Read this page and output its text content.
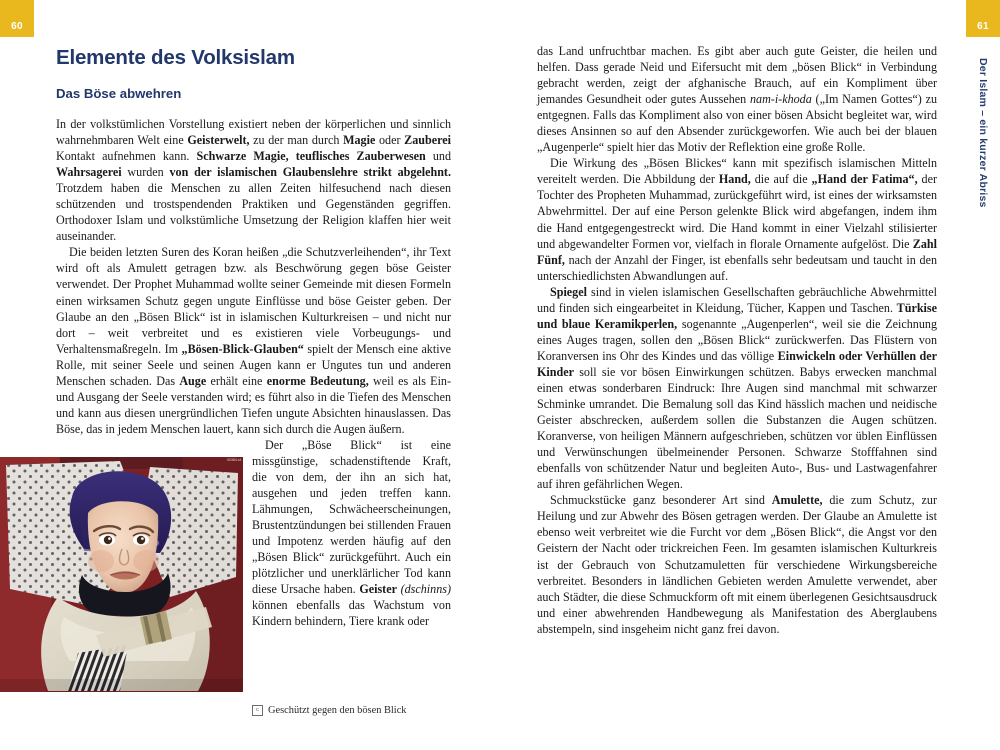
60	61
Der Islam – ein kurzer Abriss
Elemente des Volksislam
Das Böse abwehren

In der volkstümlichen Vorstellung existiert neben der körperlichen und sinnlich wahrnehmbaren Welt eine Geisterwelt, zu der man durch Magie oder Zauberei Kontakt aufnehmen kann. Schwarze Magie, teuflisches Zauberwesen und Wahrsagerei wurden von der islamischen Glaubenslehre strikt abgelehnt. Trotzdem haben die Menschen zu allen Zeiten hilfesuchend nach diesen schützenden und trostspendenden Praktiken und Gegenständen gegriffen. Orthodoxer Islam und volkstümliche Umsetzung der Religion klaffen hier weit auseinander.

Die beiden letzten Suren des Koran heißen „die Schutzverleihenden“, ihr Text wird oft als Amulett getragen bzw. als Beschwörung gegen böse Geister verwendet. Der Prophet Muhammad wollte seiner Gemeinde mit diesen Formeln einen wirksamen Schutz gegen ungute Einflüsse und böse Geister geben. Der Glaube an den „Bösen Blick“ ist in islamischen Kulturkreisen – und nicht nur dort – weit verbreitet und es existieren viele Vorbeugungs- und Verhaltensmaßregeln. Im „Bösen-Blick-Glauben“ spielt der Mensch eine aktive Rolle, mit seiner Seele und seinen Augen kann er Ungutes tun und anderen Menschen schaden. Das Auge erhält eine enorme Bedeutung, weil es als Ein- und Ausgang der Seele verstanden wird; es führt also in die Tiefen des Menschen und kann aus diesen unergründlichen Tiefen ungute Absichten hinauslassen. Das Böse, das in jedem Menschen lauert, kann sich durch die Augen äußern.

Der „Böse Blick“ ist eine missgünstige, schadenstiftende Kraft, die von dem, der ihn an sich hat, ausgehen und jeden treffen kann. Lähmungen, Schwächeerscheinungen, Brustentzündungen bei stillenden Frauen und Impotenz werden häufig auf den „Bösen Blick“ zurückgeführt. Auch ein plötzlicher und unerklärlicher Tod kann diese Ursache haben. Geister (dschinns) können ebenfalls das Wachstum von Kindern behindern, Tiere krank oder

das Land unfruchtbar machen. Es gibt aber auch gute Geister, die heilen und helfen. Dass gerade Neid und Eifersucht mit dem „bösen Blick“ in Verbindung gebracht werden, zeigt der afghanische Brauch, auf ein Kompliment über jemandes Gesundheit oder gutes Aussehen nam-i-khoda („Im Namen Gottes“) zu entgegnen. Falls das Kompliment also von einer bösen Absicht begleitet war, wird dieses Ansinnen so auf den Absender zurückgeworfen. Wie auch bei der blauen „Augenperle“ spielt hier das Motiv der Reflektion eine große Rolle.

Die Wirkung des „Bösen Blickes“ kann mit spezifisch islamischen Mitteln vereitelt werden. Die Abbildung der Hand, die auf die „Hand der Fatima“, der Tochter des Propheten Muhammad, zurückgeführt wird, ist eines der wirksamsten Abwehrmittel. Der auf eine Person gelenkte Blick wird abgefangen, indem ihm die Hand entgegengestreckt wird. Die Hand kommt in einer Vielzahl stilisierter und abgewandelter Formen vor, vielfach in florale Ornamente aufgelöst. Die Zahl Fünf, nach der Anzahl der Finger, ist ebenfalls sehr bedeutsam und taucht in den unterschiedlichsten Abwandlungen auf.

Spiegel sind in vielen islamischen Gesellschaften gebräuchliche Abwehrmittel und finden sich eingearbeitet in Kleidung, Tücher, Kappen und Taschen. Türkise und blaue Keramikperlen, sogenannte „Augenperlen“, weil sie die Zeichnung eines Auges tragen, sollen den „Bösen Blick“ zurückwerfen. Das Flüstern von Koranversen ins Ohr des Kindes und das völlige Einwickeln oder Verhüllen der Kinder soll sie vor bösen Einwirkungen schützen. Babys erwecken manchmal einen etwas sonderbaren Eindruck: Ihre Augen sind manchmal mit schwarzer Schminke umrandet. Die Bemalung soll das Kind hässlich machen und neidische Geister abschrecken, außerdem sollen die Substanzen die Augen schützen. Koranverse, von heiligen Männern aufgeschrieben, schützen vor üblen Einflüssen und Verwünschungen übelmeinender Personen. Schwarze Stofffahnen sind ebenfalls von schützender Natur und begleiten Auto-, Bus- und Lastwagenfahrer auf ihren gefährlichen Wegen.

Schmuckstücke ganz besonderer Art sind Amulette, die zum Schutz, zur Heilung und zur Abwehr des Bösen getragen werden. Der Glaube an Amulette ist ebenso weit verbreitet wie die Furcht vor dem „Bösen Blick“, die Angst vor den Geistern der Nacht oder trickreichen Feen. Im gesamten islamischen Kulturkreis ist der Gebrauch von Schutzamuletten für verschiedene Wirkungsbereiche verbreitet. Besonders in ländlichen Gebieten werden Amulette verwendet, aber auch Städter, die diese Schmuckform oft mit einem überlegenen Gesichtsausdruck und einer abwehrenden Handbewegung als Manifestation des Aberglaubens abstempeln, sind insgeheim nicht ganz frei davon.

00384-st
c Geschützt gegen den bösen Blick
